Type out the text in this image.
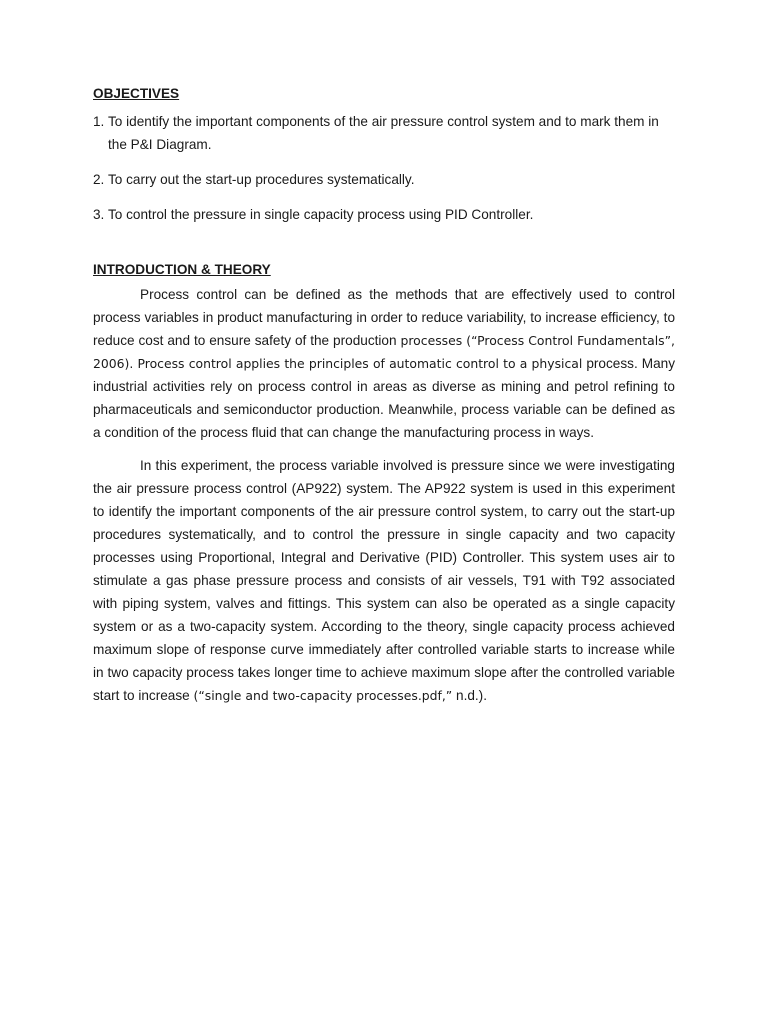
OBJECTIVES
1. To identify the important components of the air pressure control system and to mark them in the P&I Diagram.
2. To carry out the start-up procedures systematically.
3. To control the pressure in single capacity process using PID Controller.
INTRODUCTION & THEORY

Process control can be defined as the methods that are effectively used to control process variables in product manufacturing in order to reduce variability, to increase efficiency, to reduce cost and to ensure safety of the production processes (“Process Control Fundamentals”, 2006). Process control applies the principles of automatic control to a physical process. Many industrial activities rely on process control in areas as diverse as mining and petrol refining to pharmaceuticals and semiconductor production. Meanwhile, process variable can be defined as a condition of the process fluid that can change the manufacturing process in ways.

In this experiment, the process variable involved is pressure since we were investigating the air pressure process control (AP922) system. The AP922 system is used in this experiment to identify the important components of the air pressure control system, to carry out the start-up procedures systematically, and to control the pressure in single capacity and two capacity processes using Proportional, Integral and Derivative (PID) Controller. This system uses air to stimulate a gas phase pressure process and consists of air vessels, T91 with T92 associated with piping system, valves and fittings. This system can also be operated as a single capacity system or as a two-capacity system. According to the theory, single capacity process achieved maximum slope of response curve immediately after controlled variable starts to increase while in two capacity process takes longer time to achieve maximum slope after the controlled variable start to increase (“single and two-capacity processes.pdf,” n.d.).
